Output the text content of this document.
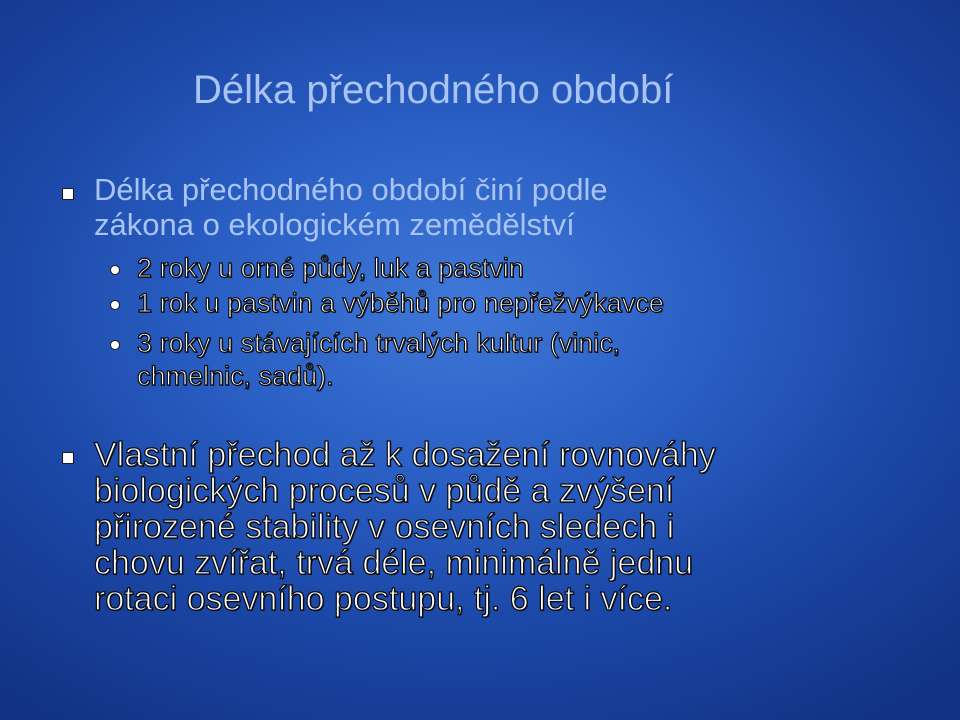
Délka přechodného období
Délka přechodného období činí podle
zákona o ekologickém zemědělství
2 roky u orné půdy, luk a pastvin
1 rok u pastvin a výběhů pro nepřežvýkavce
3 roky u stávajících trvalých kultur (vinic,
chmelnic, sadů).
Vlastní přechod až k dosažení rovnováhy
biologických procesů v půdě a zvýšení
přirozené stability v osevních sledech i
chovu zvířat, trvá déle, minimálně jednu
rotaci osevního postupu, tj. 6 let i více.
